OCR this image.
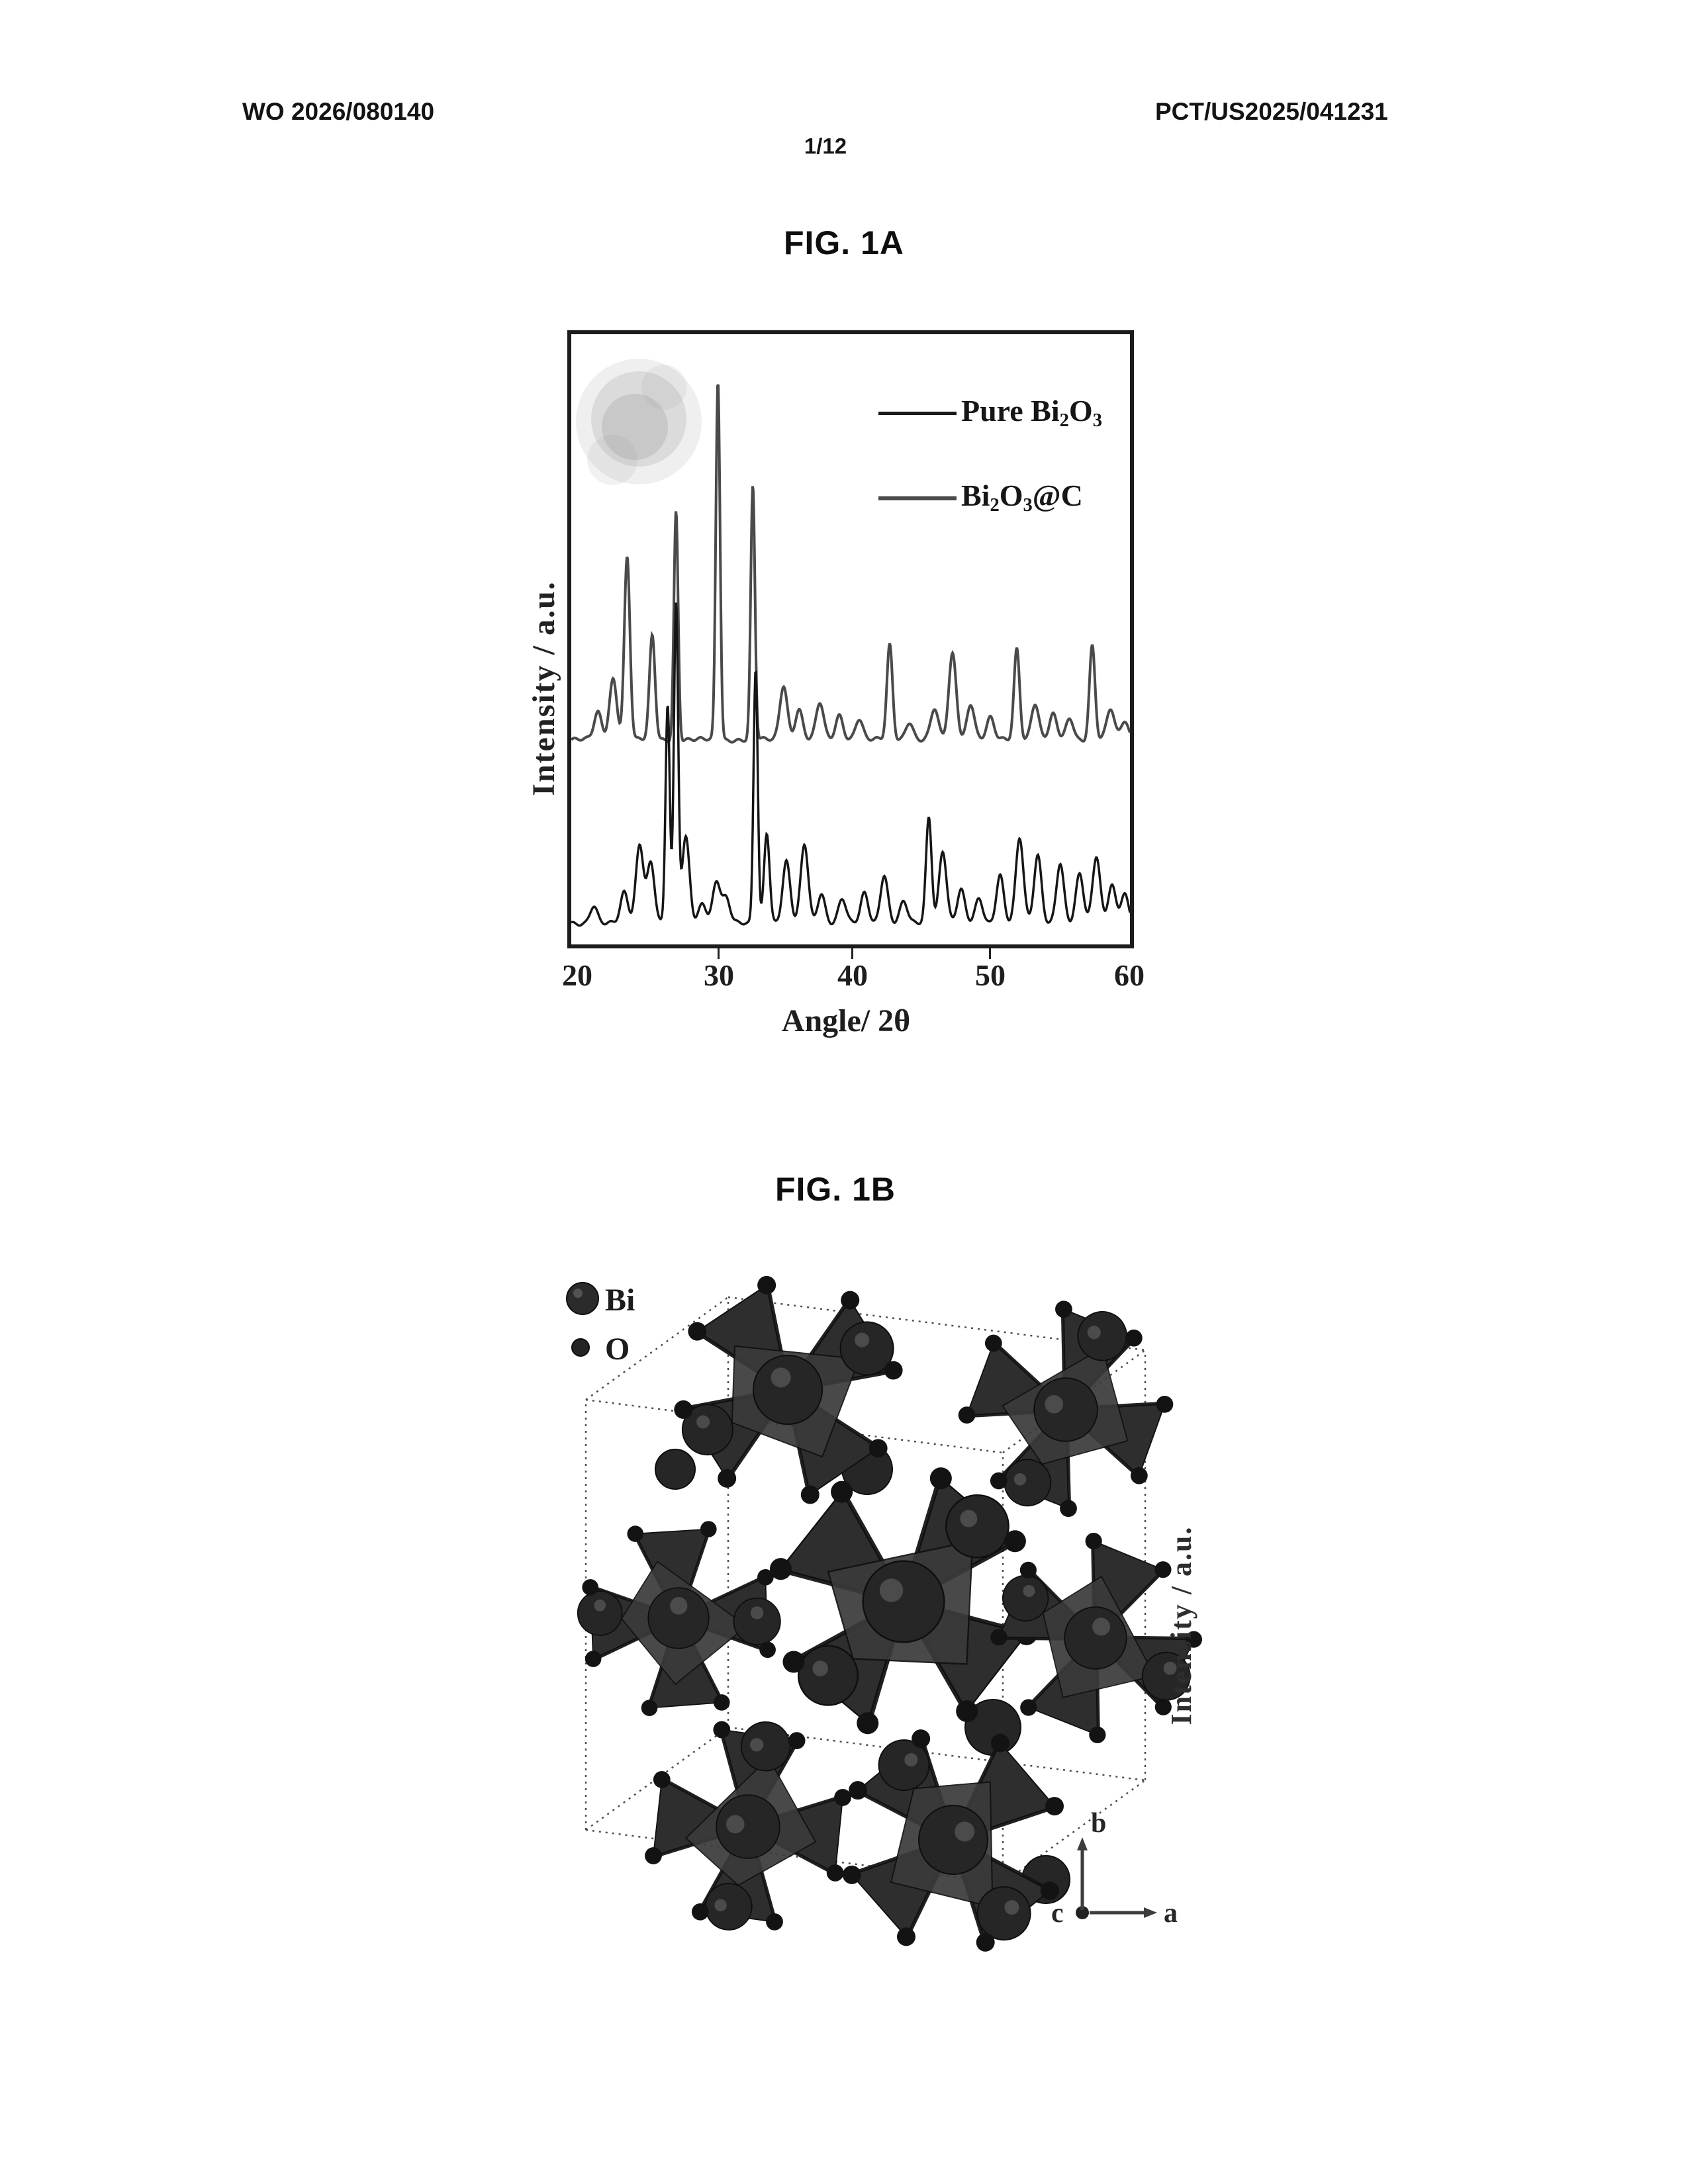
WO 2026/080140	PCT/US2025/041231
1/12
FIG. 1A
Intensity / a.u.
Pure $Bi_2O_3$
$Bi_2O_3@C$
20	30	40	50	60
Angle/ 2θ
FIG. 1B
Bi
O
b
a
c
Intensity / a.u.
